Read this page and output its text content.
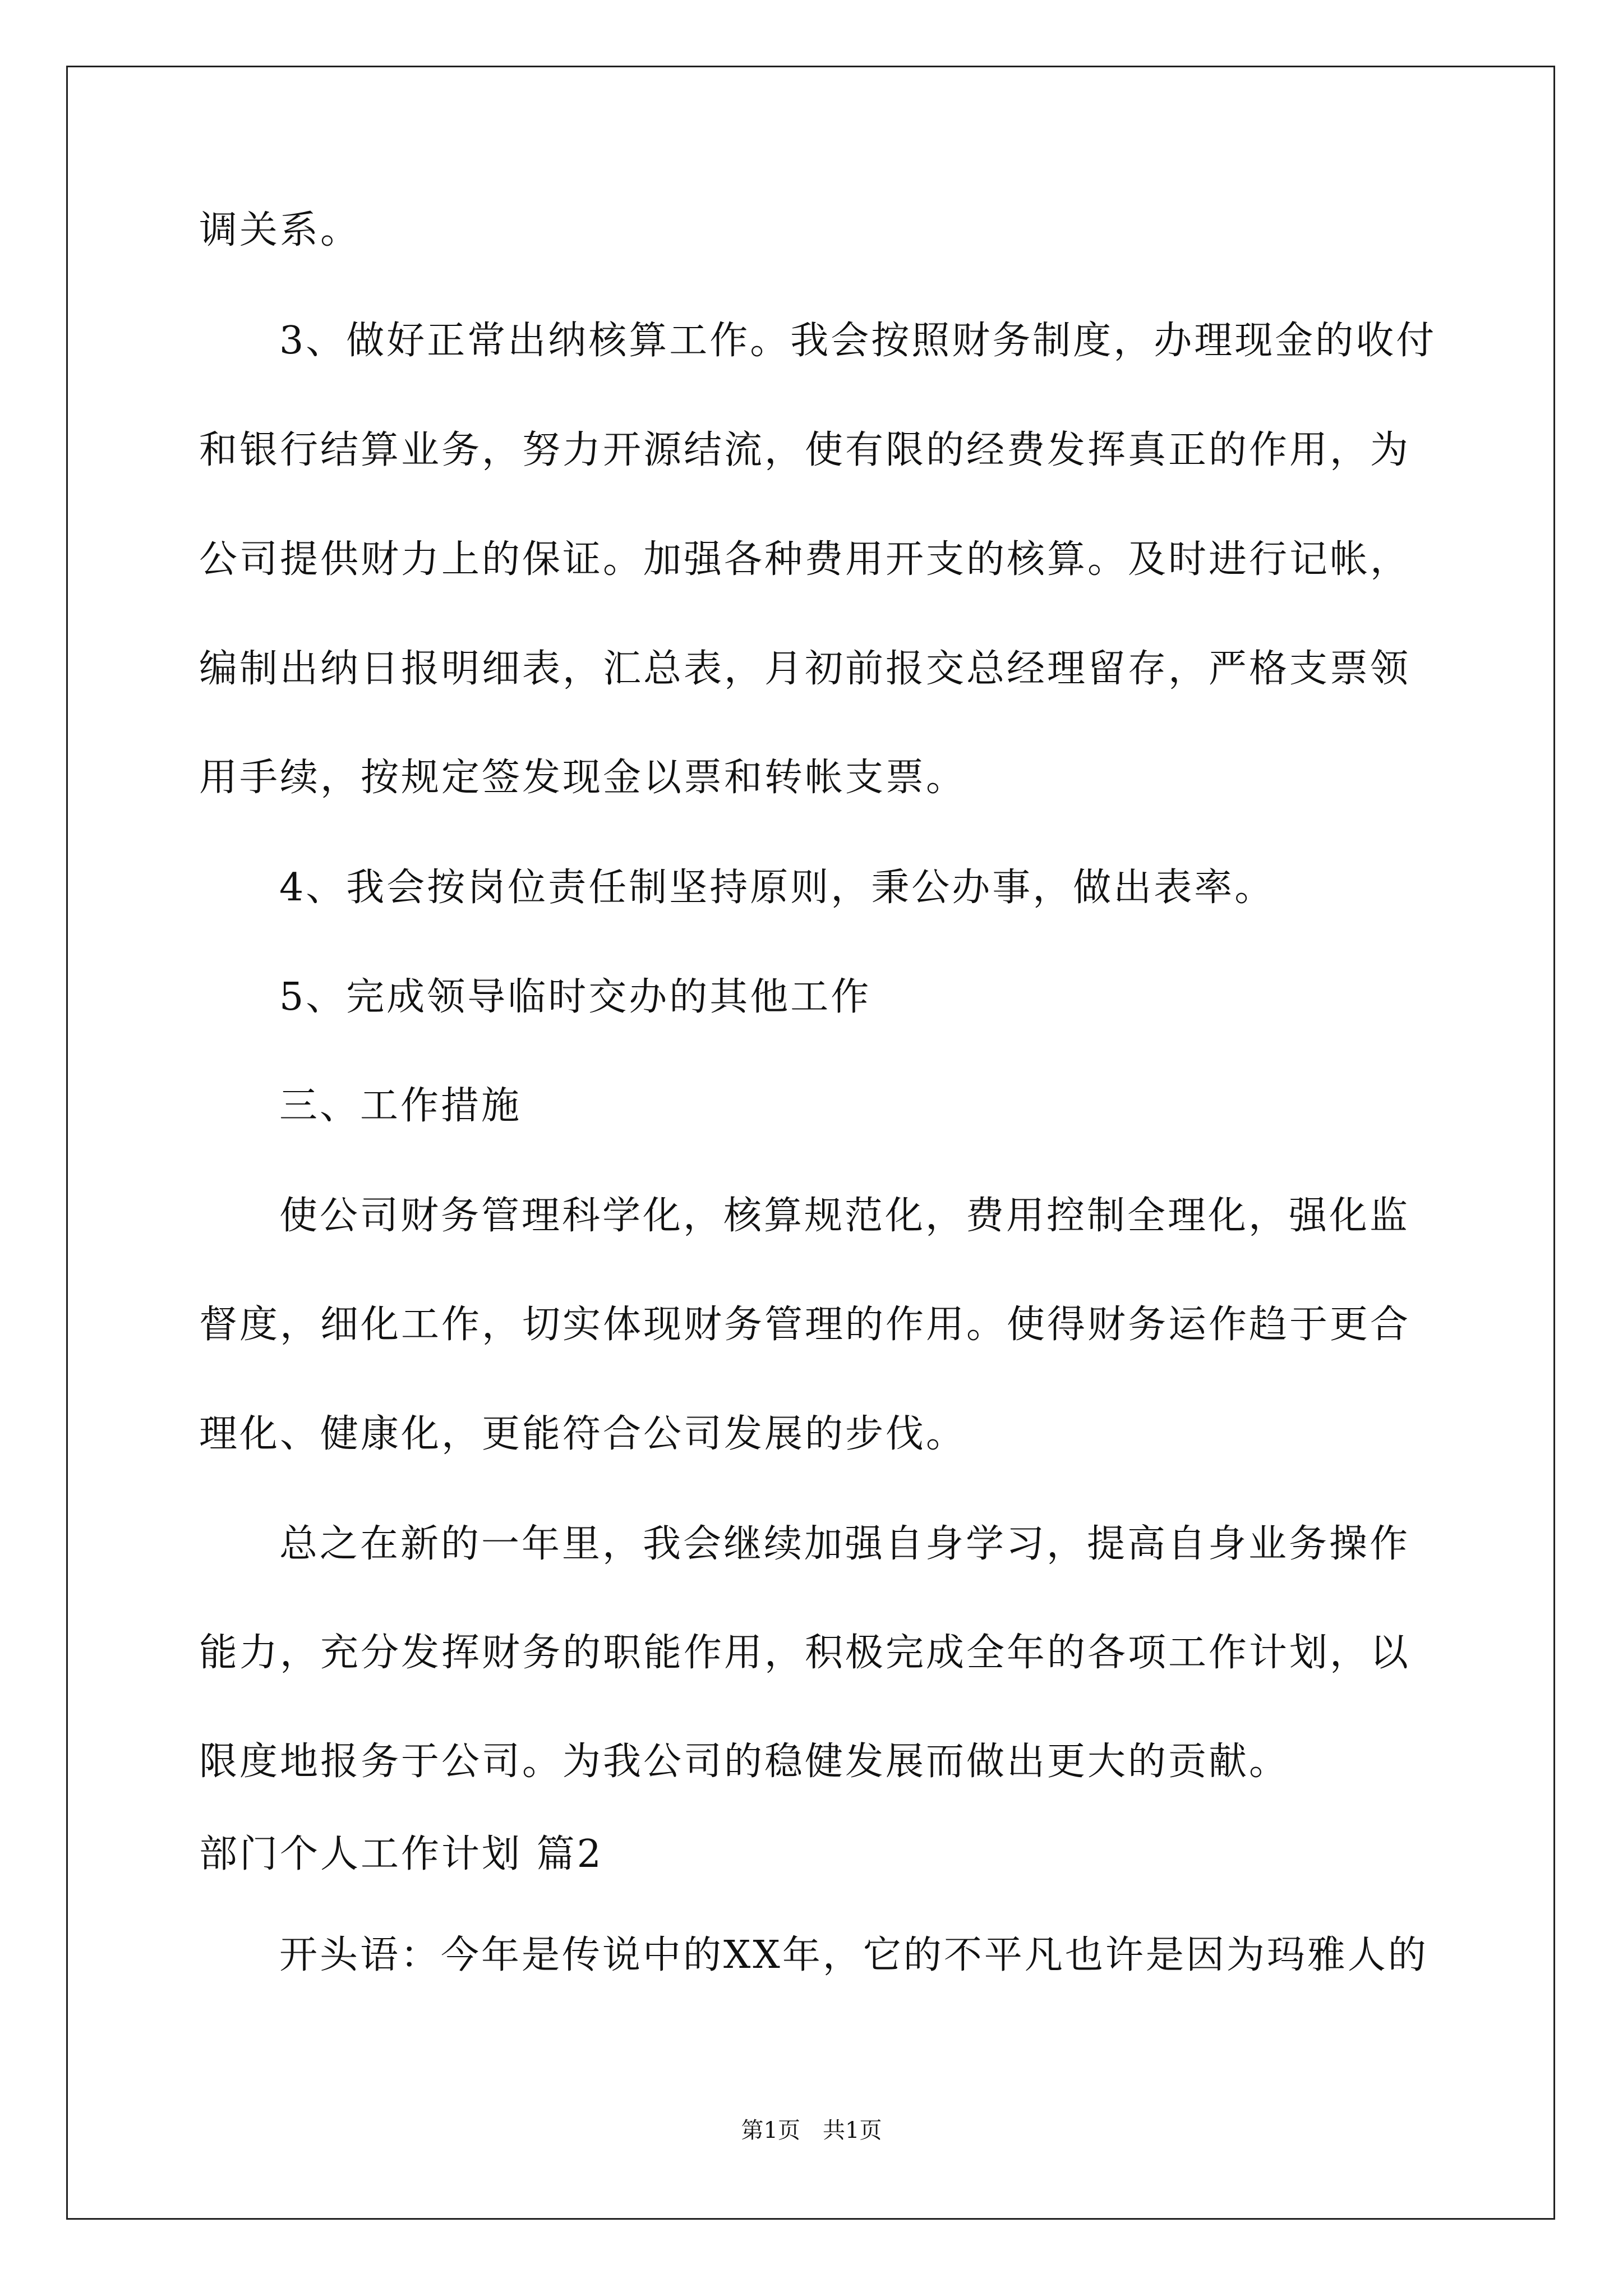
调关系。
3、做好正常出纳核算工作。我会按照财务制度，办理现金的收付
和银行结算业务，努力开源结流，使有限的经费发挥真正的作用，为
公司提供财力上的保证。加强各种费用开支的核算。及时进行记帐，
编制出纳日报明细表，汇总表，月初前报交总经理留存，严格支票领
用手续，按规定签发现金以票和转帐支票。
4、我会按岗位责任制坚持原则，秉公办事，做出表率。
5、完成领导临时交办的其他工作
三、工作措施
使公司财务管理科学化，核算规范化，费用控制全理化，强化监
督度，细化工作，切实体现财务管理的作用。使得财务运作趋于更合
理化、健康化，更能符合公司发展的步伐。
总之在新的一年里，我会继续加强自身学习，提高自身业务操作
能力，充分发挥财务的职能作用，积极完成全年的各项工作计划，以
限度地报务于公司。为我公司的稳健发展而做出更大的贡献。
部门个人工作计划 篇2
开头语：今年是传说中的XX年，它的不平凡也许是因为玛雅人的
第1页　共1页
